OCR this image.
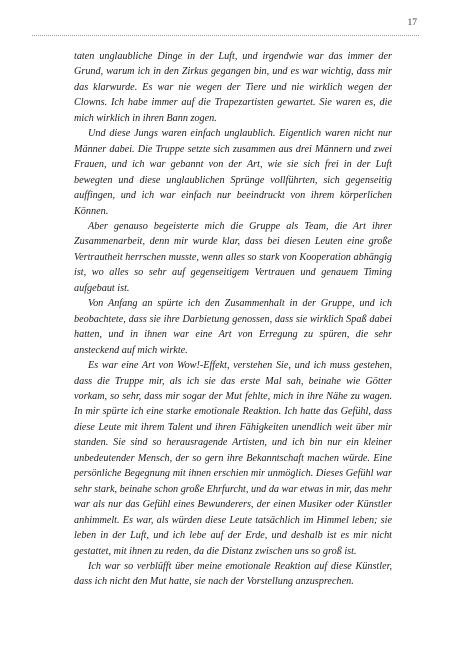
17

taten unglaubliche Dinge in der Luft, und irgendwie war das immer der Grund, warum ich in den Zirkus gegangen bin, und es war wichtig, dass mir das klarwurde. Es war nie wegen der Tiere und nie wirklich wegen der Clowns. Ich habe immer auf die Trapezartisten gewartet. Sie waren es, die mich wirklich in ihren Bann zogen.

Und diese Jungs waren einfach unglaublich. Eigentlich waren nicht nur Männer dabei. Die Truppe setzte sich zusammen aus drei Männern und zwei Frauen, und ich war gebannt von der Art, wie sie sich frei in der Luft bewegten und diese unglaublichen Sprünge vollführten, sich gegenseitig auffingen, und ich war einfach nur beeindruckt von ihrem körperlichen Können.

Aber genauso begeisterte mich die Gruppe als Team, die Art ihrer Zusammenarbeit, denn mir wurde klar, dass bei diesen Leuten eine große Vertrautheit herrschen musste, wenn alles so stark von Kooperation abhängig ist, wo alles so sehr auf gegenseitigem Vertrauen und genauem Timing aufgebaut ist.

Von Anfang an spürte ich den Zusammenhalt in der Gruppe, und ich beobachtete, dass sie ihre Darbietung genossen, dass sie wirklich Spaß dabei hatten, und in ihnen war eine Art von Erregung zu spüren, die sehr ansteckend auf mich wirkte.

Es war eine Art von Wow!-Effekt, verstehen Sie, und ich muss gestehen, dass die Truppe mir, als ich sie das erste Mal sah, beinahe wie Götter vorkam, so sehr, dass mir sogar der Mut fehlte, mich in ihre Nähe zu wagen. In mir spürte ich eine starke emotionale Reaktion. Ich hatte das Gefühl, dass diese Leute mit ihrem Talent und ihren Fähigkeiten unendlich weit über mir standen. Sie sind so herausragende Artisten, und ich bin nur ein kleiner unbedeutender Mensch, der so gern ihre Bekanntschaft machen würde. Eine persönliche Begegnung mit ihnen erschien mir unmöglich. Dieses Gefühl war sehr stark, beinahe schon große Ehrfurcht, und da war etwas in mir, das mehr war als nur das Gefühl eines Bewunderers, der einen Musiker oder Künstler anhimmelt. Es war, als würden diese Leute tatsächlich im Himmel leben; sie leben in der Luft, und ich lebe auf der Erde, und deshalb ist es mir nicht gestattet, mit ihnen zu reden, da die Distanz zwischen uns so groß ist.

Ich war so verblüfft über meine emotionale Reaktion auf diese Künstler, dass ich nicht den Mut hatte, sie nach der Vorstellung anzusprechen.
